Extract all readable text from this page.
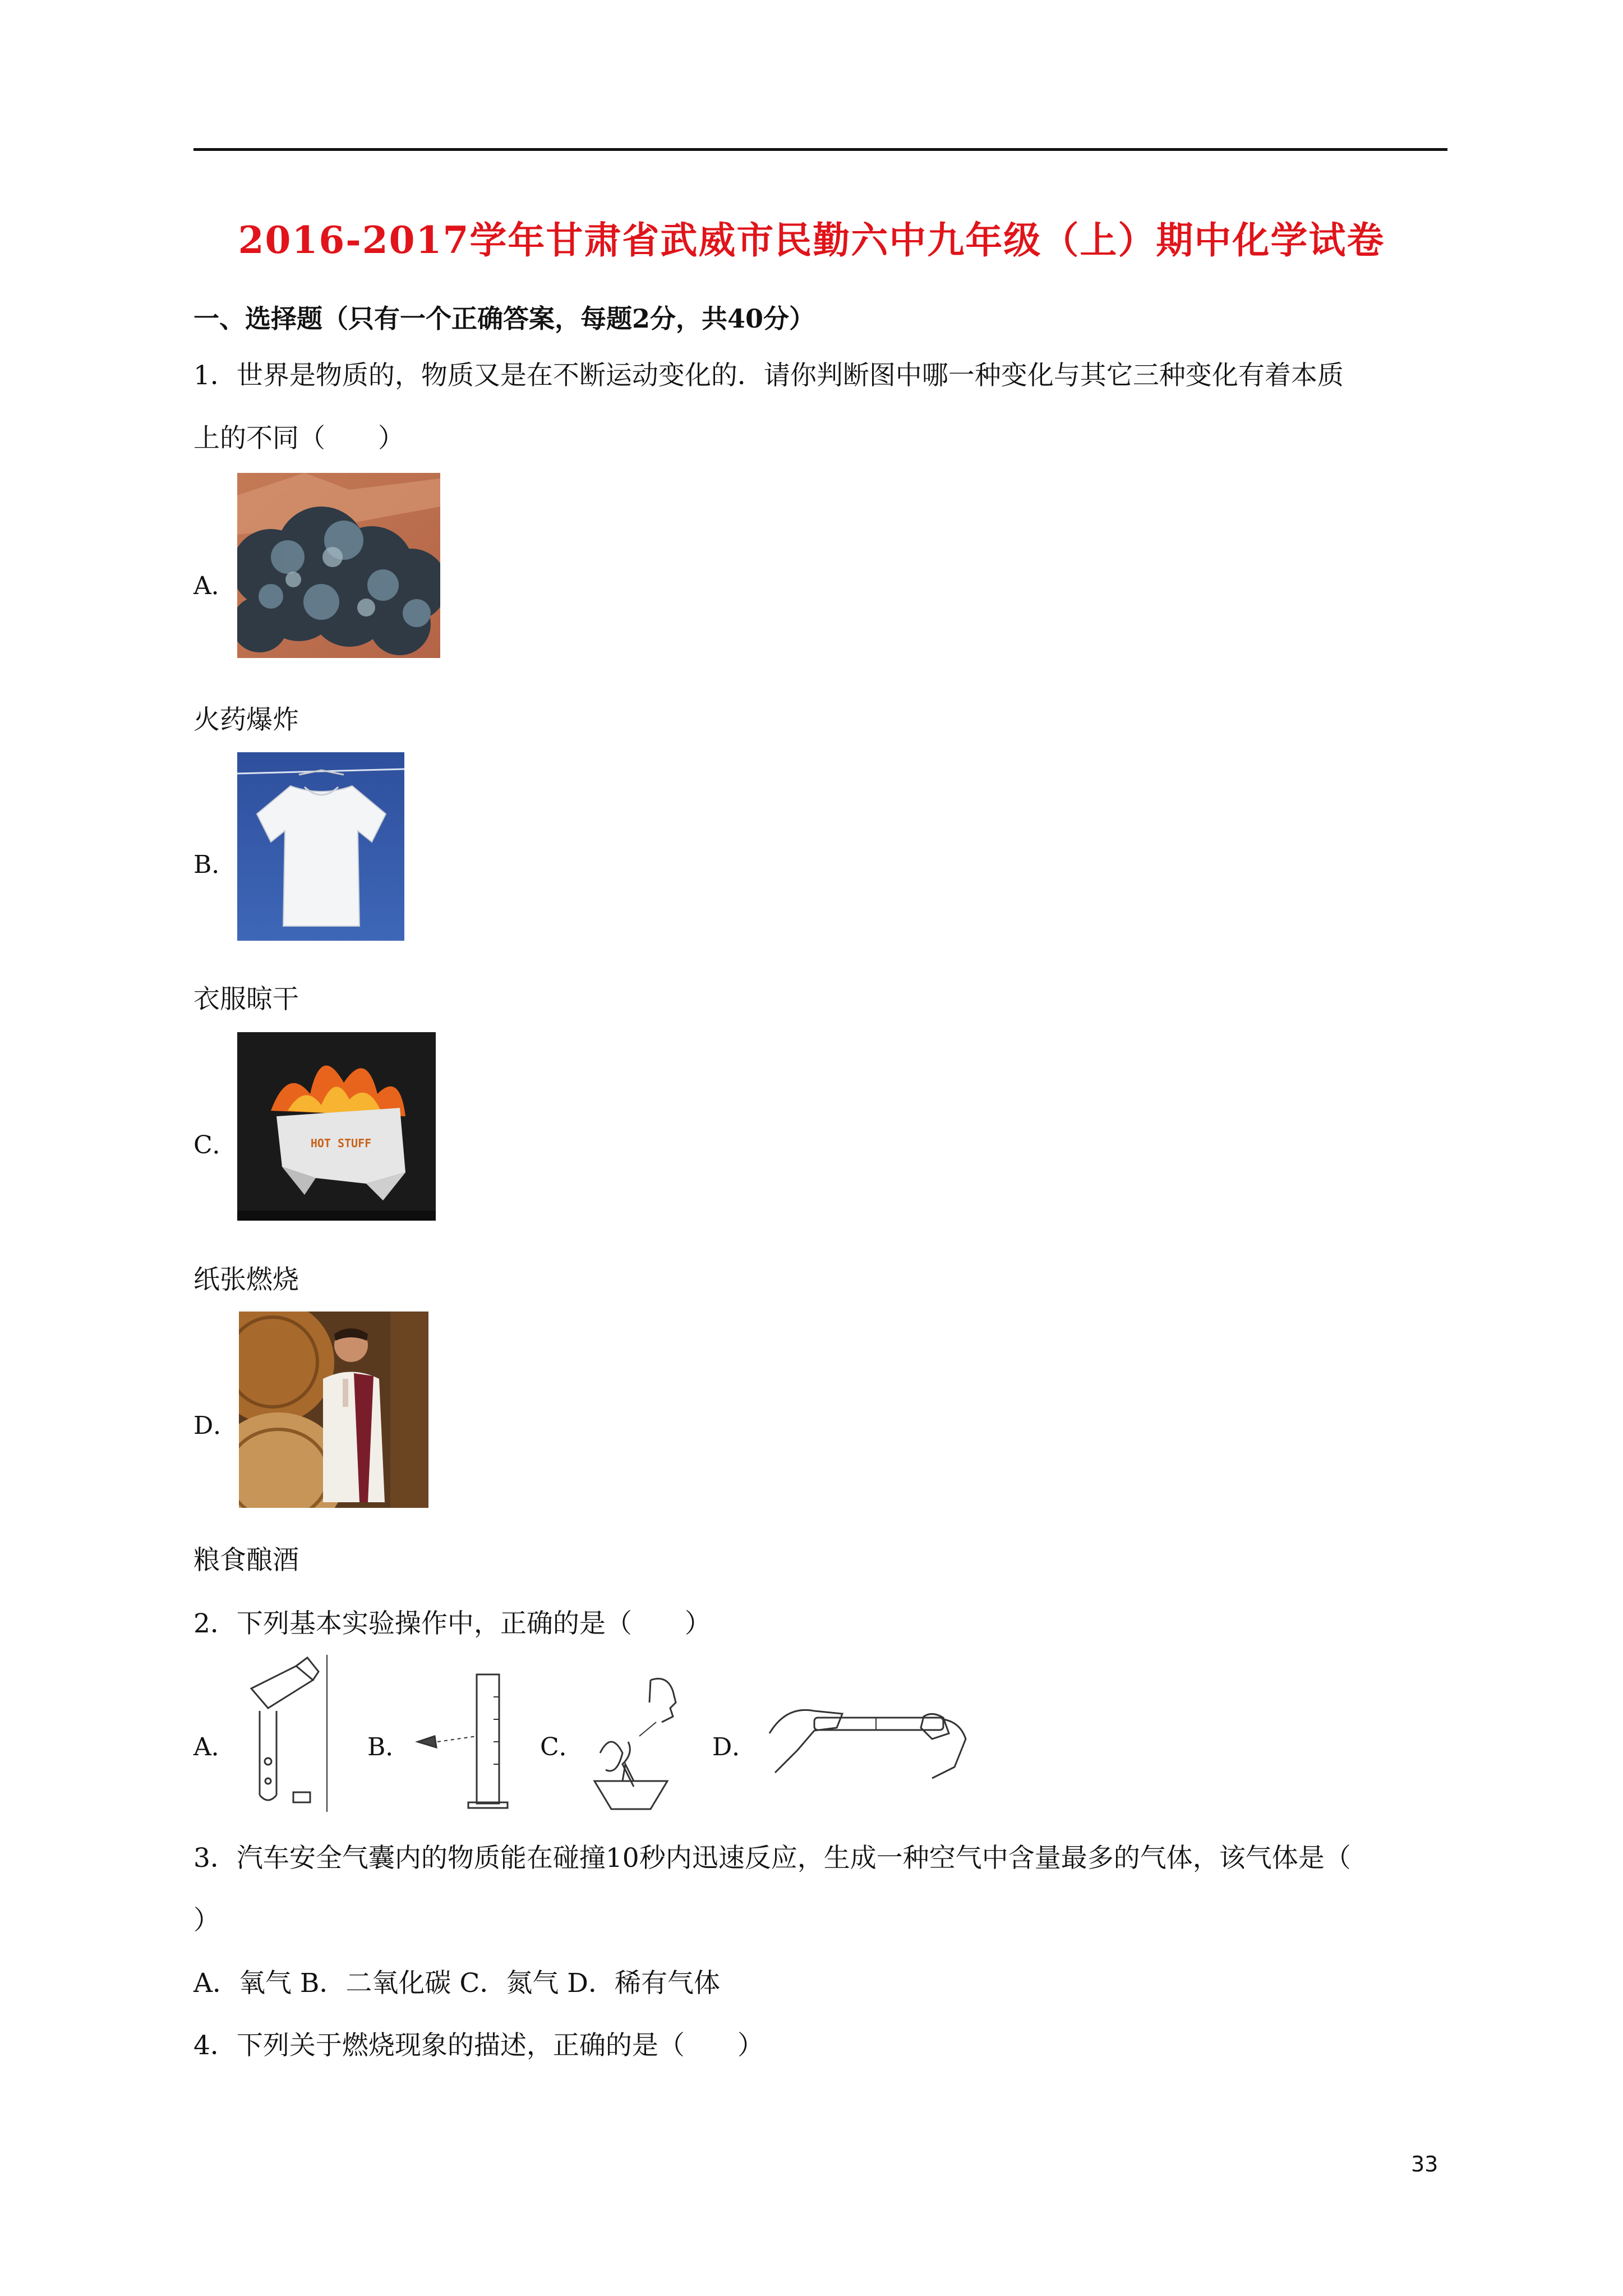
2016-2017学年甘肃省武威市民勤六中九年级（上）期中化学试卷
一、选择题（只有一个正确答案，每题2分，共40分）
1．世界是物质的，物质又是在不断运动变化的．请你判断图中哪一种变化与其它三种变化有着本质
上的不同（　　）
A．
火药爆炸
B．
衣服晾干
C．	HOT STUFF
纸张燃烧
D．
粮食酿酒
2．下列基本实验操作中，正确的是（　　）
A．	B．	C．	D．
3．汽车安全气囊内的物质能在碰撞10秒内迅速反应，生成一种空气中含量最多的气体，该气体是（
）
A．氧气 B．二氧化碳 C．氮气 D．稀有气体
4．下列关于燃烧现象的描述，正确的是（　　）
33
